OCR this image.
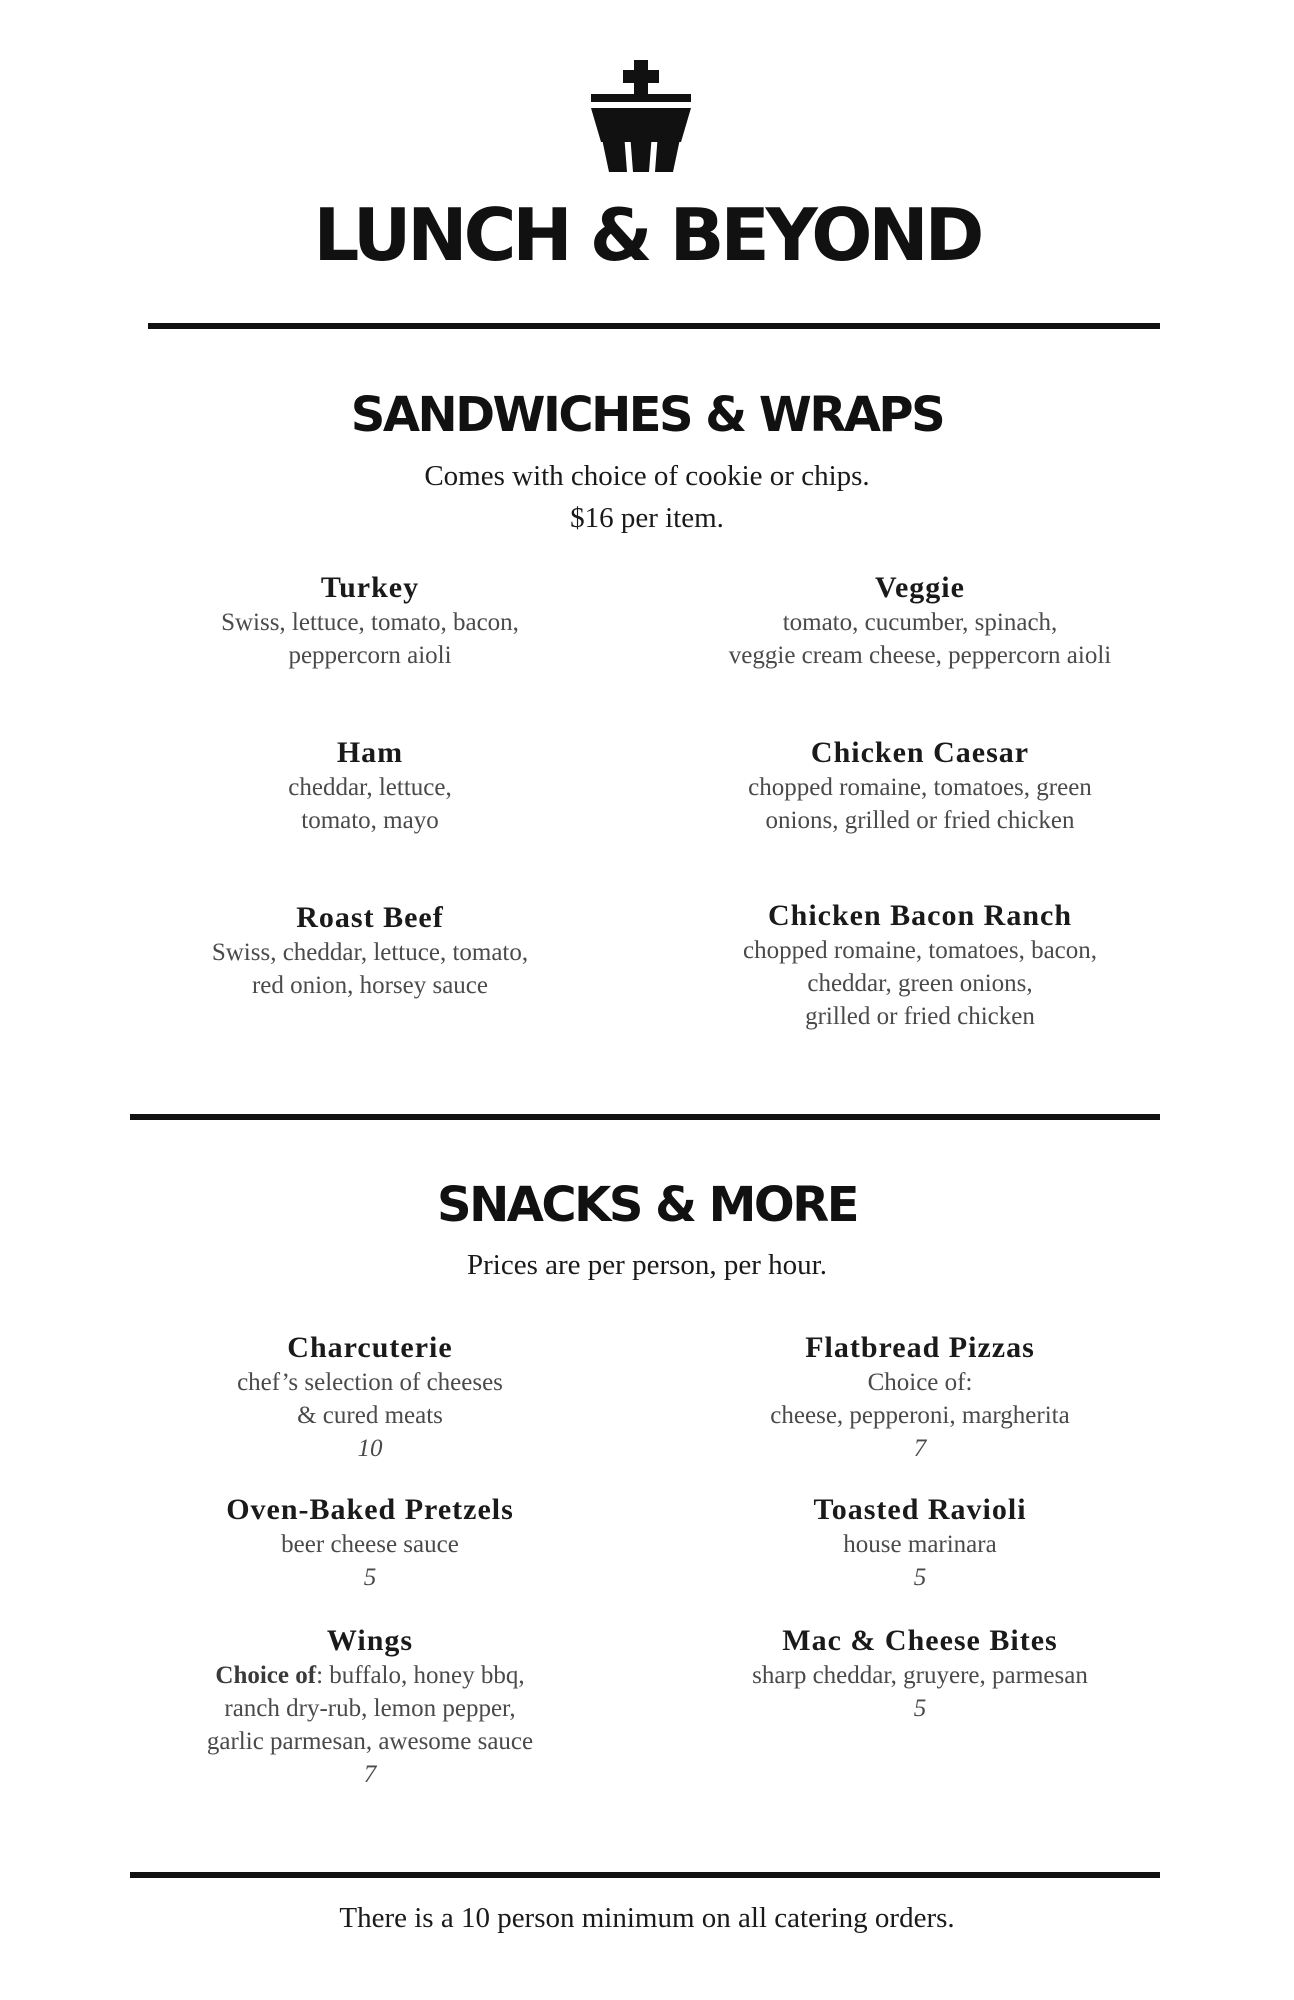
LUNCH & BEYOND
SANDWICHES & WRAPS
Comes with choice of cookie or chips.
$16 per item.
Turkey
Swiss, lettuce, tomato, bacon,
peppercorn aioli
Veggie
tomato, cucumber, spinach,
veggie cream cheese, peppercorn aioli
Ham
cheddar, lettuce,
tomato, mayo
Chicken Caesar
chopped romaine, tomatoes, green
onions, grilled or fried chicken
Roast Beef
Swiss, cheddar, lettuce, tomato,
red onion, horsey sauce
Chicken Bacon Ranch
chopped romaine, tomatoes, bacon,
cheddar, green onions,
grilled or fried chicken
SNACKS & MORE
Prices are per person, per hour.
Charcuterie
chef’s selection of cheeses
& cured meats
10
Flatbread Pizzas
Choice of:
cheese, pepperoni, margherita
7
Oven-Baked Pretzels
beer cheese sauce
5
Toasted Ravioli
house marinara
5
Wings
Choice of: buffalo, honey bbq,
ranch dry-rub, lemon pepper,
garlic parmesan, awesome sauce
7
Mac & Cheese Bites
sharp cheddar, gruyere, parmesan
5
There is a 10 person minimum on all catering orders.
